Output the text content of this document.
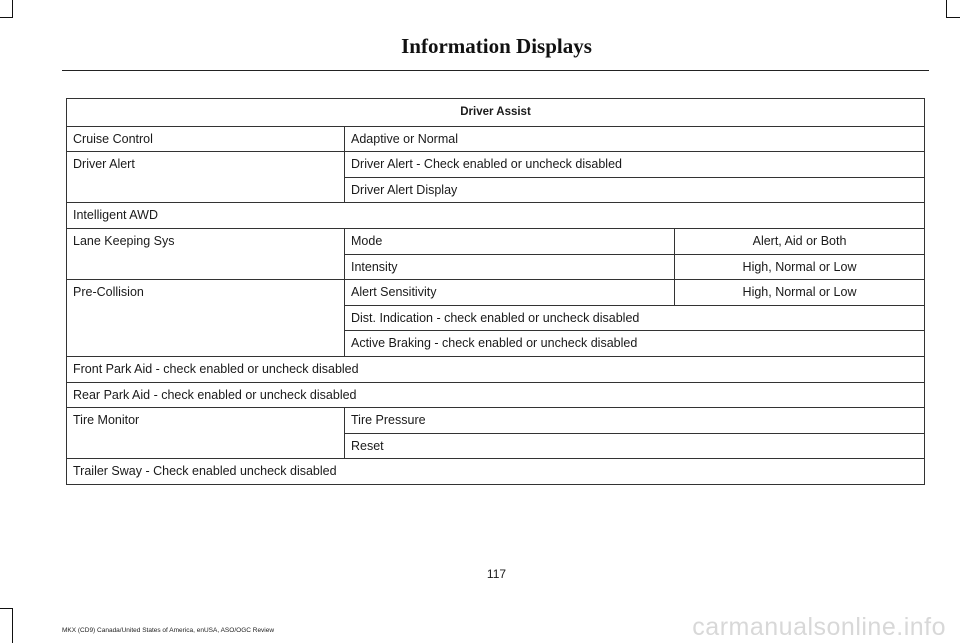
Information Displays
Driver Assist		
Cruise Control	Adaptive or Normal	
Driver Alert	Driver Alert - Check enabled or uncheck disabled	
	Driver Alert Display	
Intelligent AWD		
Lane Keeping Sys	Mode	Alert, Aid or Both
	Intensity	High, Normal or Low
Pre-Collision	Alert Sensitivity	High, Normal or Low
	Dist. Indication - check enabled or uncheck disabled	
	Active Braking - check enabled or uncheck disabled	
Front Park Aid - check enabled or uncheck disabled		
Rear Park Aid - check enabled or uncheck disabled		
Tire Monitor	Tire Pressure	
	Reset	
Trailer Sway - Check enabled uncheck disabled		
117
MKX (CD9) Canada/United States of America, enUSA, ASO/OGC Review	carmanualsonline.info
